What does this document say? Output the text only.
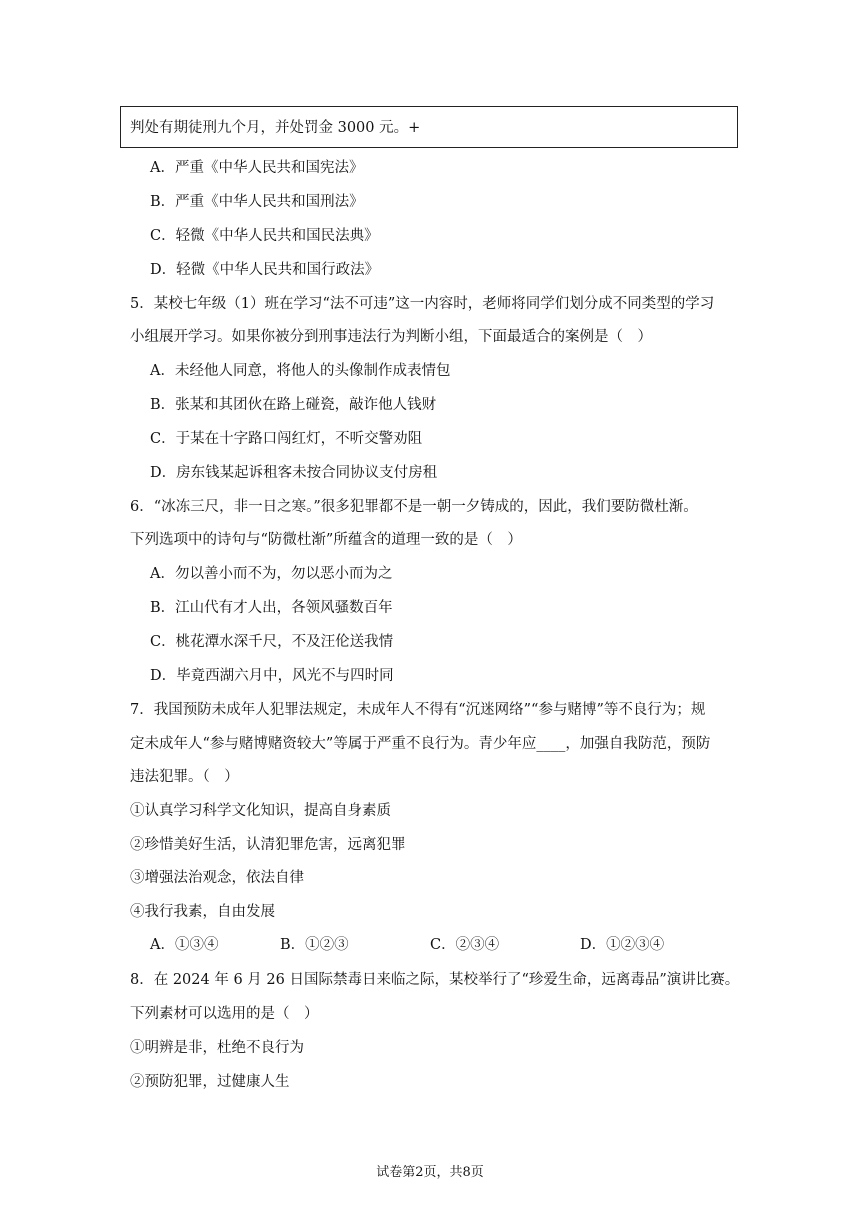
判处有期徒刑九个月，并处罚金 3000 元。+
A．严重《中华人民共和国宪法》
B．严重《中华人民共和国刑法》
C．轻微《中华人民共和国民法典》
D．轻微《中华人民共和国行政法》
5．某校七年级（1）班在学习“法不可违”这一内容时，老师将同学们划分成不同类型的学习
小组展开学习。如果你被分到刑事违法行为判断小组，下面最适合的案例是（　）
A．未经他人同意，将他人的头像制作成表情包
B．张某和其团伙在路上碰瓷，敲诈他人钱财
C．于某在十字路口闯红灯，不听交警劝阻
D．房东钱某起诉租客未按合同协议支付房租
6．“冰冻三尺，非一日之寒。”很多犯罪都不是一朝一夕铸成的，因此，我们要防微杜渐。
下列选项中的诗句与“防微杜渐”所蕴含的道理一致的是（　）
A．勿以善小而不为，勿以恶小而为之
B．江山代有才人出，各领风骚数百年
C．桃花潭水深千尺，不及汪伦送我情
D．毕竟西湖六月中，风光不与四时同
7．我国预防未成年人犯罪法规定，未成年人不得有“沉迷网络”“参与赌博”等不良行为；规
定未成年人“参与赌博赌资较大”等属于严重不良行为。青少年应____，加强自我防范，预防
违法犯罪。（　）
①认真学习科学文化知识，提高自身素质
②珍惜美好生活，认清犯罪危害，远离犯罪
③增强法治观念，依法自律
④我行我素，自由发展
A．①③④	B．①②③	C．②③④	D．①②③④
8．在 2024 年 6 月 26 日国际禁毒日来临之际，某校举行了“珍爱生命，远离毒品”演讲比赛。
下列素材可以选用的是（　）
①明辨是非，杜绝不良行为
②预防犯罪，过健康人生
试卷第2页，共8页
